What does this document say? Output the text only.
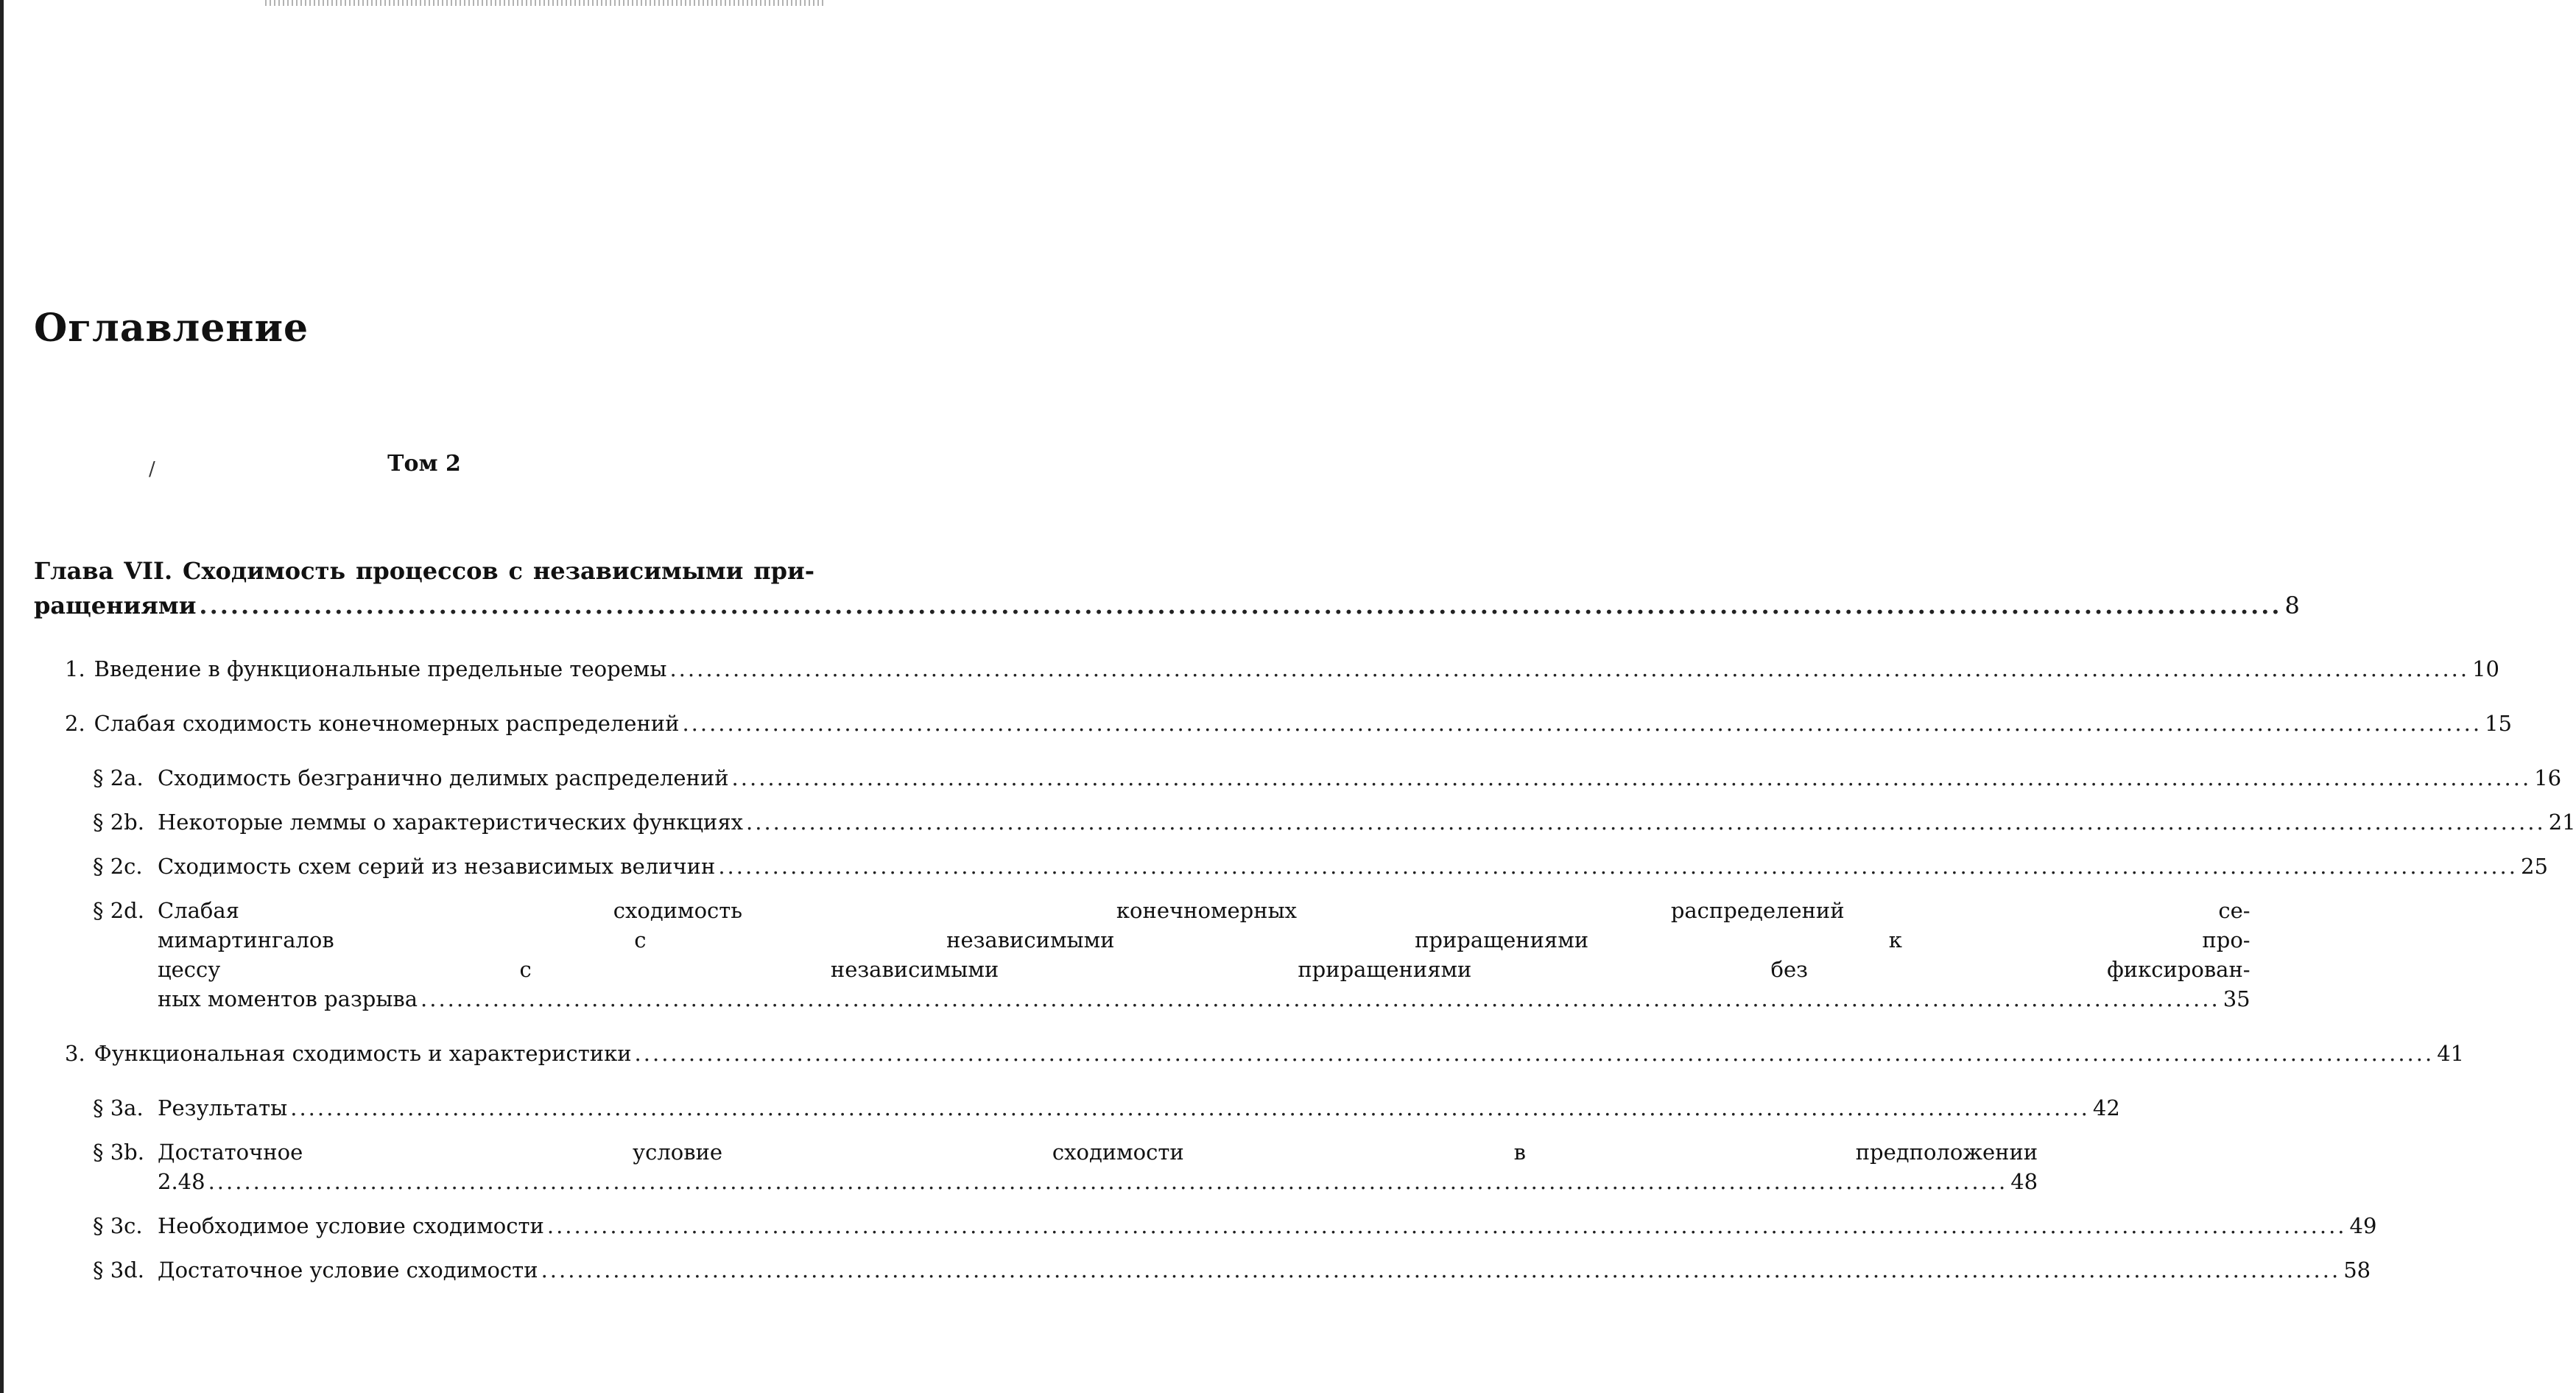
Оглавление
/	Том 2
Глава VII. Сходимость процессов с независимыми при-
ращениями .....	8
1. Введение в функциональные предельные теоремы .....	10
2. Слабая сходимость конечномерных распределений .....	15
§ 2a. Сходимость безгранично делимых распределений .....	16
§ 2b. Некоторые леммы о характеристических функциях .....	21
§ 2c. Сходимость схем серий из независимых величин .....	25
§ 2d. Слабая сходимость конечномерных распределений се-
мимартингалов с независимыми приращениями к про-
цессу с независимыми приращениями без фиксирован-
ных моментов разрыва .....	35
3. Функциональная сходимость и характеристики .....	41
§ 3a. Результаты .....	42
§ 3b. Достаточное условие сходимости в предположении
2.48 .....	48
§ 3c. Необходимое условие сходимости .....	49
§ 3d. Достаточное условие сходимости .....	58
